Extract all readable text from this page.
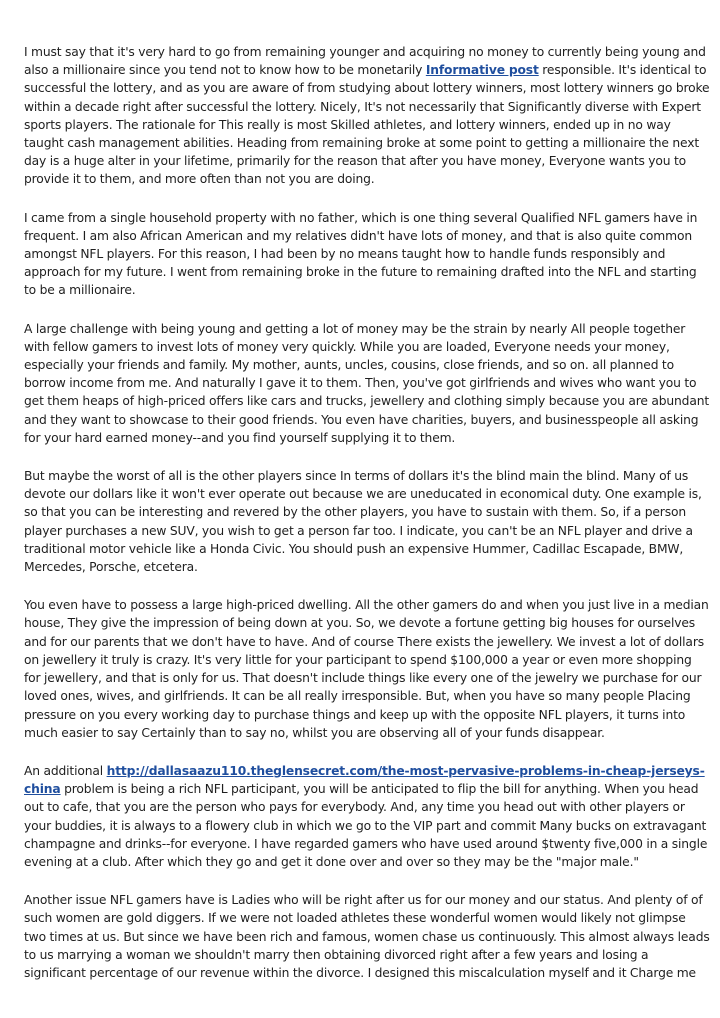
I must say that it's very hard to go from remaining younger and acquiring no money to currently being young and also a millionaire since you tend not to know how to be monetarily Informative post responsible. It's identical to successful the lottery, and as you are aware of from studying about lottery winners, most lottery winners go broke within a decade right after successful the lottery. Nicely, It's not necessarily that Significantly diverse with Expert sports players. The rationale for This really is most Skilled athletes, and lottery winners, ended up in no way taught cash management abilities. Heading from remaining broke at some point to getting a millionaire the next day is a huge alter in your lifetime, primarily for the reason that after you have money, Everyone wants you to provide it to them, and more often than not you are doing.

I came from a single household property with no father, which is one thing several Qualified NFL gamers have in frequent. I am also African American and my relatives didn't have lots of money, and that is also quite common amongst NFL players. For this reason, I had been by no means taught how to handle funds responsibly and approach for my future. I went from remaining broke in the future to remaining drafted into the NFL and starting to be a millionaire.

A large challenge with being young and getting a lot of money may be the strain by nearly All people together with fellow gamers to invest lots of money very quickly. While you are loaded, Everyone needs your money, especially your friends and family. My mother, aunts, uncles, cousins, close friends, and so on. all planned to borrow income from me. And naturally I gave it to them. Then, you've got girlfriends and wives who want you to get them heaps of high-priced offers like cars and trucks, jewellery and clothing simply because you are abundant and they want to showcase to their good friends. You even have charities, buyers, and businesspeople all asking for your hard earned money--and you find yourself supplying it to them.

But maybe the worst of all is the other players since In terms of dollars it's the blind main the blind. Many of us devote our dollars like it won't ever operate out because we are uneducated in economical duty. One example is, so that you can be interesting and revered by the other players, you have to sustain with them. So, if a person player purchases a new SUV, you wish to get a person far too. I indicate, you can't be an NFL player and drive a traditional motor vehicle like a Honda Civic. You should push an expensive Hummer, Cadillac Escapade, BMW, Mercedes, Porsche, etcetera.

You even have to possess a large high-priced dwelling. All the other gamers do and when you just live in a median house, They give the impression of being down at you. So, we devote a fortune getting big houses for ourselves and for our parents that we don't have to have. And of course There exists the jewellery. We invest a lot of dollars on jewellery it truly is crazy. It's very little for your participant to spend $100,000 a year or even more shopping for jewellery, and that is only for us. That doesn't include things like every one of the jewelry we purchase for our loved ones, wives, and girlfriends. It can be all really irresponsible. But, when you have so many people Placing pressure on you every working day to purchase things and keep up with the opposite NFL players, it turns into much easier to say Certainly than to say no, whilst you are observing all of your funds disappear.

An additional http://dallasaazu110.theglensecret.com/the-most-pervasive-problems-in-cheap-jerseys-china problem is being a rich NFL participant, you will be anticipated to flip the bill for anything. When you head out to cafe, that you are the person who pays for everybody. And, any time you head out with other players or your buddies, it is always to a flowery club in which we go to the VIP part and commit Many bucks on extravagant champagne and drinks--for everyone. I have regarded gamers who have used around $twenty five,000 in a single evening at a club. After which they go and get it done over and over so they may be the "major male."

Another issue NFL gamers have is Ladies who will be right after us for our money and our status. And plenty of of such women are gold diggers. If we were not loaded athletes these wonderful women would likely not glimpse two times at us. But since we have been rich and famous, women chase us continuously. This almost always leads to us marrying a woman we shouldn't marry then obtaining divorced right after a few years and losing a significant percentage of our revenue within the divorce. I designed this miscalculation myself and it Charge me
